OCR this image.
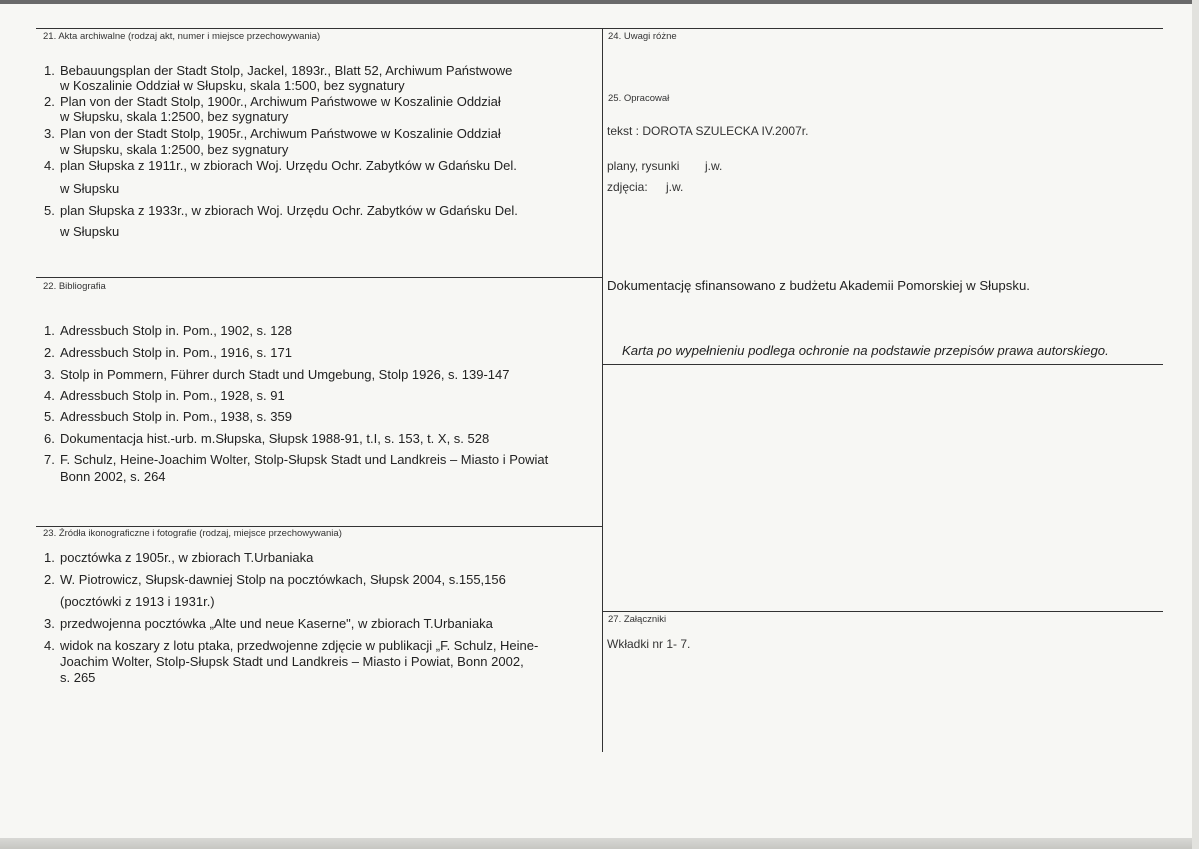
21. Akta archiwalne (rodzaj akt, numer i miejsce przechowywania)
1. Bebauungsplan der Stadt Stolp, Jackel, 1893r., Blatt 52, Archiwum Państwowe
w Koszalinie Oddział w Słupsku, skala 1:500, bez sygnatury
2. Plan von der Stadt Stolp, 1900r., Archiwum Państwowe w Koszalinie Oddział
w Słupsku, skala 1:2500, bez sygnatury
3. Plan von der Stadt Stolp, 1905r., Archiwum Państwowe w Koszalinie Oddział
w Słupsku, skala 1:2500, bez sygnatury
4. plan Słupska z 1911r., w zbiorach Woj. Urzędu Ochr. Zabytków w Gdańsku Del.
w Słupsku
5. plan Słupska z 1933r., w zbiorach Woj. Urzędu Ochr. Zabytków w Gdańsku Del.
w Słupsku
22. Bibliografia
1. Adressbuch Stolp in. Pom., 1902, s. 128
2. Adressbuch Stolp in. Pom., 1916, s. 171
3. Stolp in Pommern, Führer durch Stadt und Umgebung, Stolp 1926, s. 139-147
4. Adressbuch Stolp in. Pom., 1928, s. 91
5. Adressbuch Stolp in. Pom., 1938, s. 359
6. Dokumentacja hist.-urb. m.Słupska, Słupsk 1988-91, t.I, s. 153, t. X, s. 528
7. F. Schulz, Heine-Joachim Wolter, Stolp-Słupsk Stadt und Landkreis – Miasto i Powiat
Bonn 2002, s. 264
23. Źródła ikonograficzne i fotografie (rodzaj, miejsce przechowywania)
1. pocztówka z 1905r., w zbiorach T.Urbaniaka
2. W. Piotrowicz, Słupsk-dawniej Stolp na pocztówkach, Słupsk 2004, s.155,156
(pocztówki z 1913 i 1931r.)
3. przedwojenna pocztówka „Alte und neue Kaserne", w zbiorach T.Urbaniaka
4. widok na koszary z lotu ptaka, przedwojenne zdjęcie w publikacji „F. Schulz, Heine-
Joachim Wolter, Stolp-Słupsk Stadt und Landkreis – Miasto i Powiat, Bonn 2002,
s. 265
24. Uwagi różne
25. Opracował
tekst : DOROTA SZULECKA IV.2007r.
plany, rysunki j.w.
zdjęcia: j.w.
Dokumentację sfinansowano z budżetu Akademii Pomorskiej w Słupsku.
Karta po wypełnieniu podlega ochronie na podstawie przepisów prawa autorskiego.
27. Załączniki
Wkładki nr 1- 7.
